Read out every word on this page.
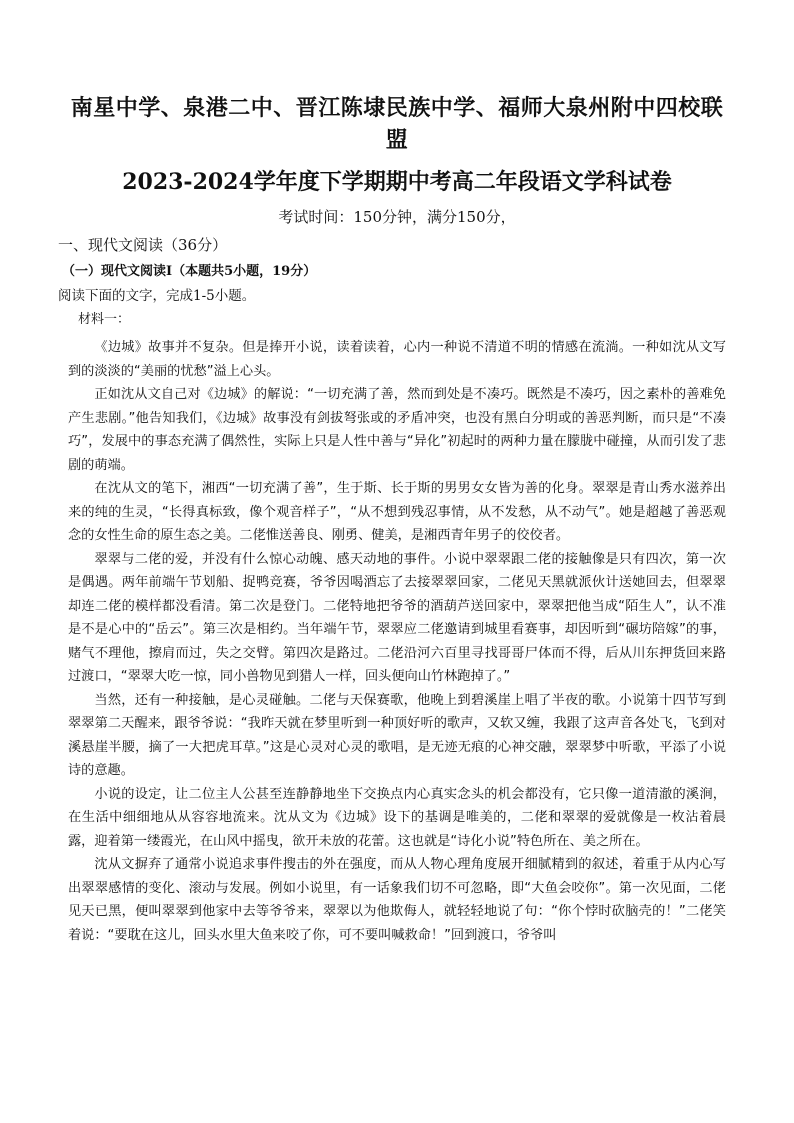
南星中学、泉港二中、晋江陈埭民族中学、福师大泉州附中四校联盟
2023-2024学年度下学期期中考高二年段语文学科试卷

考试时间：150分钟，满分150分，

一、现代文阅读（36分）

（一）现代文阅读Ⅰ（本题共5小题，19分）

阅读下面的文字，完成1-5小题。

材料一：

《边城》故事并不复杂。但是捧开小说，读着读着，心内一种说不清道不明的情感在流淌。一种如沈从文写到的淡淡的“美丽的忧愁”溢上心头。

正如沈从文自己对《边城》的解说：“一切充满了善，然而到处是不凑巧。既然是不凑巧，因之素朴的善难免产生悲剧。”他告知我们，《边城》故事没有剑拔弩张或的矛盾冲突，也没有黑白分明或的善恶判断，而只是“不凑巧”，发展中的事态充满了偶然性，实际上只是人性中善与“异化”初起时的两种力量在朦胧中碰撞，从而引发了悲剧的萌端。

在沈从文的笔下，湘西“一切充满了善”，生于斯、长于斯的男男女女皆为善的化身。翠翠是青山秀水滋养出来的纯的生灵，“长得真标致，像个观音样子”，“从不想到残忍事情，从不发愁，从不动气”。她是超越了善恶观念的女性生命的原生态之美。二佬惟送善良、刚勇、健美，是湘西青年男子的佼佼者。

翠翠与二佬的爱，并没有什么惊心动魄、感天动地的事件。小说中翠翠跟二佬的接触像是只有四次，第一次是偶遇。两年前端午节划船、捉鸭竞赛，爷爷因喝酒忘了去接翠翠回家，二佬见天黑就派伙计送她回去，但翠翠却连二佬的模样都没看清。第二次是登门。二佬特地把爷爷的酒葫芦送回家中，翠翠把他当成“陌生人”，认不准是不是心中的“岳云”。第三次是相约。当年端午节，翠翠应二佬邀请到城里看赛事，却因听到“碾坊陪嫁”的事，赌气不理他，擦肩而过，失之交臂。第四次是路过。二佬沿河六百里寻找哥哥尸体而不得，后从川东押货回来路过渡口，“翠翠大吃一惊，同小兽物见到猎人一样，回头便向山竹林跑掉了。”

当然，还有一种接触，是心灵碰触。二佬与天保赛歌，他晚上到碧溪崖上唱了半夜的歌。小说第十四节写到翠翠第二天醒来，跟爷爷说：“我昨天就在梦里听到一种顶好听的歌声，又软又缠，我跟了这声音各处飞，飞到对溪悬崖半腰，摘了一大把虎耳草。”这是心灵对心灵的歌唱，是无迹无痕的心神交融，翠翠梦中听歌，平添了小说诗的意趣。

小说的设定，让二位主人公甚至连静静地坐下交换点内心真实念头的机会都没有，它只像一道清澈的溪涧，在生活中细细地从从容容地流来。沈从文为《边城》设下的基调是唯美的，二佬和翠翠的爱就像是一枚沾着晨露，迎着第一缕霞光，在山风中摇曳，欲开未放的花蕾。这也就是“诗化小说”特色所在、美之所在。

沈从文摒弃了通常小说追求事件搜击的外在强度，而从人物心理角度展开细腻精到的叙述，着重于从内心写出翠翠感情的变化、滚动与发展。例如小说里，有一话象我们切不可忽略，即“大鱼会咬你”。第一次见面，二佬见天已黑，便叫翠翠到他家中去等爷爷来，翠翠以为他欺侮人，就轻轻地说了句：“你个悖时砍脑壳的！”二佬笑着说：“要耽在这儿，回头水里大鱼来咬了你，可不要叫喊救命！”回到渡口，爷爷叫
